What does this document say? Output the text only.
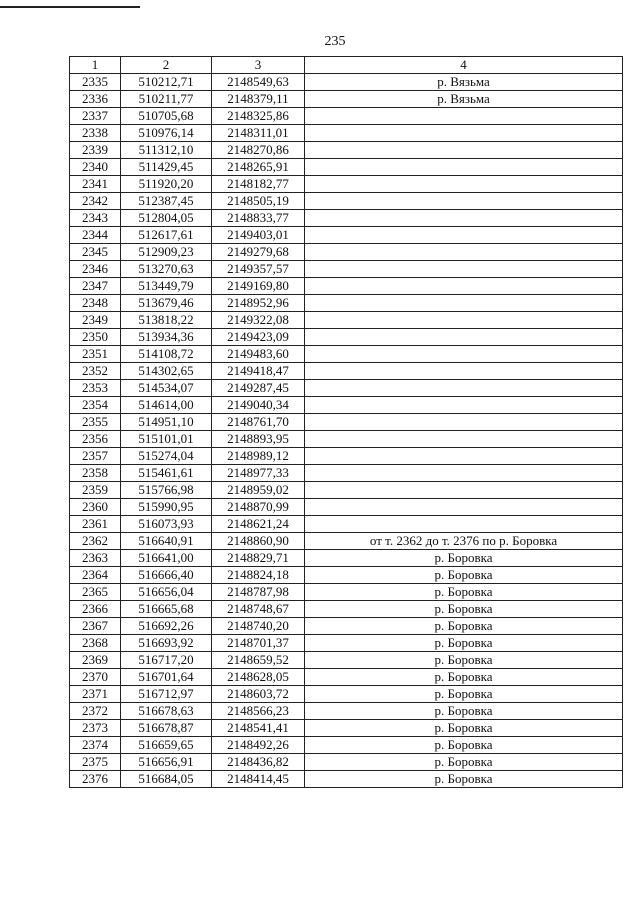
235
1	2	3	4
2335	510212,71	2148549,63	р. Вязьма
2336	510211,77	2148379,11	р. Вязьма
2337	510705,68	2148325,86	
2338	510976,14	2148311,01	
2339	511312,10	2148270,86	
2340	511429,45	2148265,91	
2341	511920,20	2148182,77	
2342	512387,45	2148505,19	
2343	512804,05	2148833,77	
2344	512617,61	2149403,01	
2345	512909,23	2149279,68	
2346	513270,63	2149357,57	
2347	513449,79	2149169,80	
2348	513679,46	2148952,96	
2349	513818,22	2149322,08	
2350	513934,36	2149423,09	
2351	514108,72	2149483,60	
2352	514302,65	2149418,47	
2353	514534,07	2149287,45	
2354	514614,00	2149040,34	
2355	514951,10	2148761,70	
2356	515101,01	2148893,95	
2357	515274,04	2148989,12	
2358	515461,61	2148977,33	
2359	515766,98	2148959,02	
2360	515990,95	2148870,99	
2361	516073,93	2148621,24	
2362	516640,91	2148860,90	от т. 2362 до т. 2376 по р. Боровка
2363	516641,00	2148829,71	р. Боровка
2364	516666,40	2148824,18	р. Боровка
2365	516656,04	2148787,98	р. Боровка
2366	516665,68	2148748,67	р. Боровка
2367	516692,26	2148740,20	р. Боровка
2368	516693,92	2148701,37	р. Боровка
2369	516717,20	2148659,52	р. Боровка
2370	516701,64	2148628,05	р. Боровка
2371	516712,97	2148603,72	р. Боровка
2372	516678,63	2148566,23	р. Боровка
2373	516678,87	2148541,41	р. Боровка
2374	516659,65	2148492,26	р. Боровка
2375	516656,91	2148436,82	р. Боровка
2376	516684,05	2148414,45	р. Боровка
